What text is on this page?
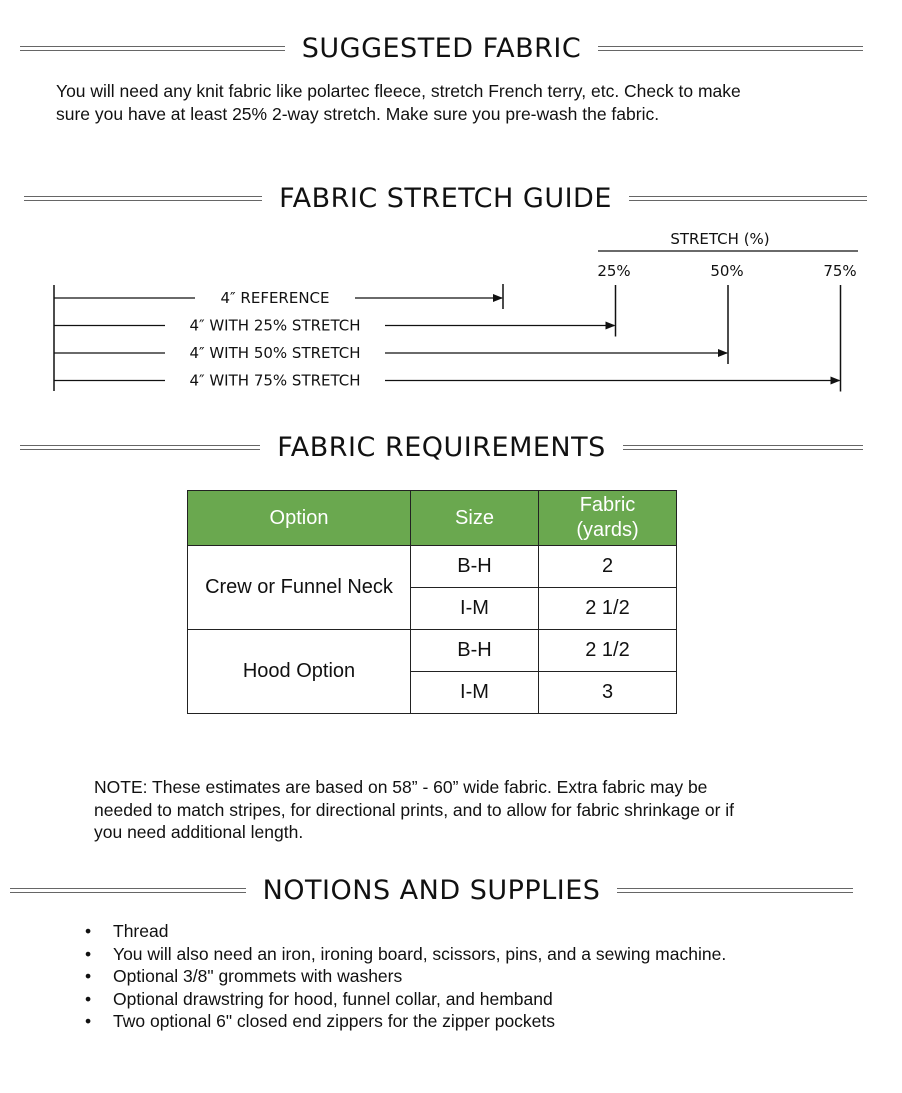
SUGGESTED FABRIC
You will need any knit fabric like polartec fleece, stretch French terry, etc. Check to make
sure you have at least 25% 2-way stretch. Make sure you pre-wash the fabric.
FABRIC STRETCH GUIDE
STRETCH (%)
25%	50%	75%
4″ REFERENCE
4″ WITH 25% STRETCH
4″ WITH 50% STRETCH
4″ WITH 75% STRETCH
FABRIC REQUIREMENTS
Option	Size	Fabric
(yards)

Crew or Funnel Neck	B-H	2
	I-M	2 1/2
Hood Option	B-H	2 1/2
	I-M	3
NOTE: These estimates are based on 58” - 60” wide fabric. Extra fabric may be
needed to match stripes, for directional prints, and to allow for fabric shrinkage or if
you need additional length.
NOTIONS AND SUPPLIES
• Thread
• You will also need an iron, ironing board, scissors, pins, and a sewing machine.
• Optional 3/8" grommets with washers
• Optional drawstring for hood, funnel collar, and hemband
• Two optional 6" closed end zippers for the zipper pockets
